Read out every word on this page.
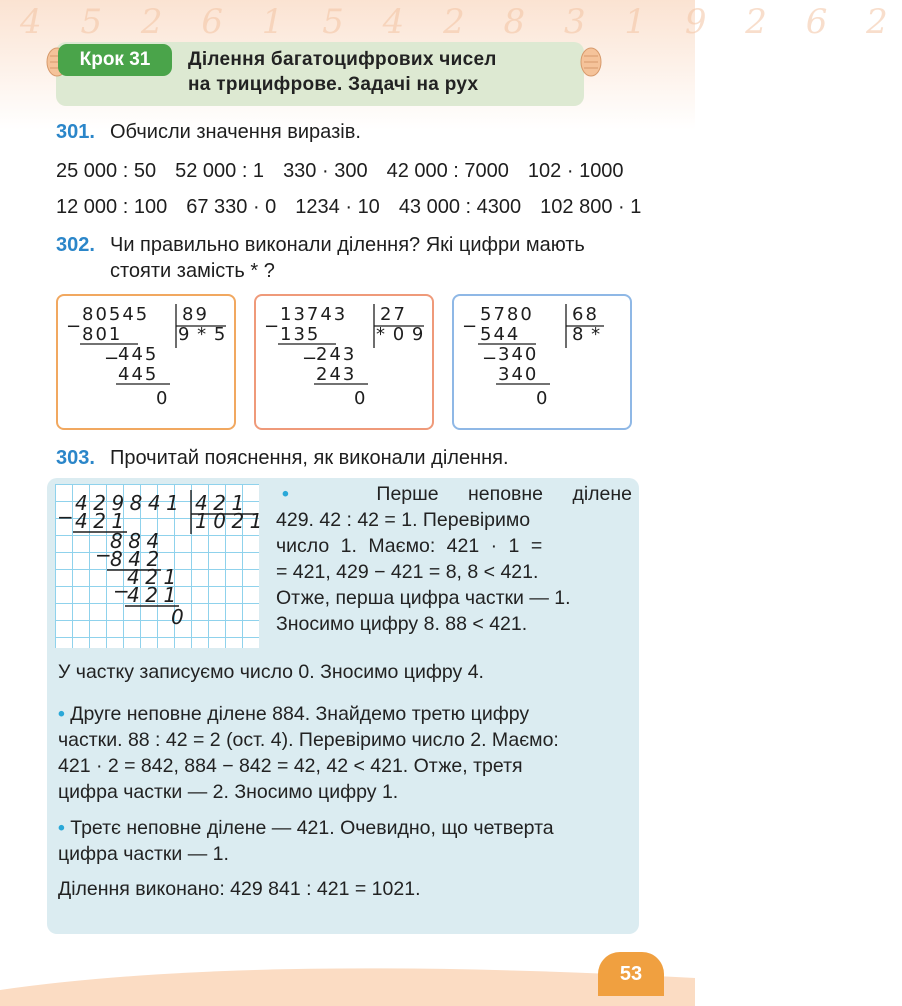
4 5 2 6 1 5 4 2 8 3 1 9 2 6 2
Крок 31	Ділення багатоцифрових чисел
на трицифрове. Задачі на рух
301. Обчисли значення виразів.
25 000 : 50 52 000 : 1 330 · 300 42 000 : 7000 102 · 1000
12 000 : 100 67 330 · 0 1234 · 10 43 000 : 4300 102 800 · 1
302. Чи правильно виконали ділення? Які цифри мають
стояти замість * ?
−
80545 89
801	9 * 5
−
445
445
0
−
13743 27
135	* 0 9
−
243
243
0
−
5780 68
544	8 *
− 340
340
0
303. Прочитай пояснення, як виконали ділення.
−
429841 421
421	1021
−
884
842
−
421
421
0
•	Перше неповне ділене
429. 42 : 42 = 1. Перевіримо
число 1. Маємо: 421 · 1 =
= 421, 429 − 421 = 8, 8 < 421.
Отже, перша цифра частки — 1.
Зносимо цифру 8. 88 < 421.
У частку записуємо число 0. Зносимо цифру 4.
• Друге неповне ділене 884. Знайдемо третю цифру
частки. 88 : 42 = 2 (ост. 4). Перевіримо число 2. Маємо:
421 · 2 = 842, 884 − 842 = 42, 42 < 421. Отже, третя
цифра частки — 2. Зносимо цифру 1.
• Третє неповне ділене — 421. Очевидно, що четверта
цифра частки — 1.
Ділення виконано: 429 841 : 421 = 1021.
53
